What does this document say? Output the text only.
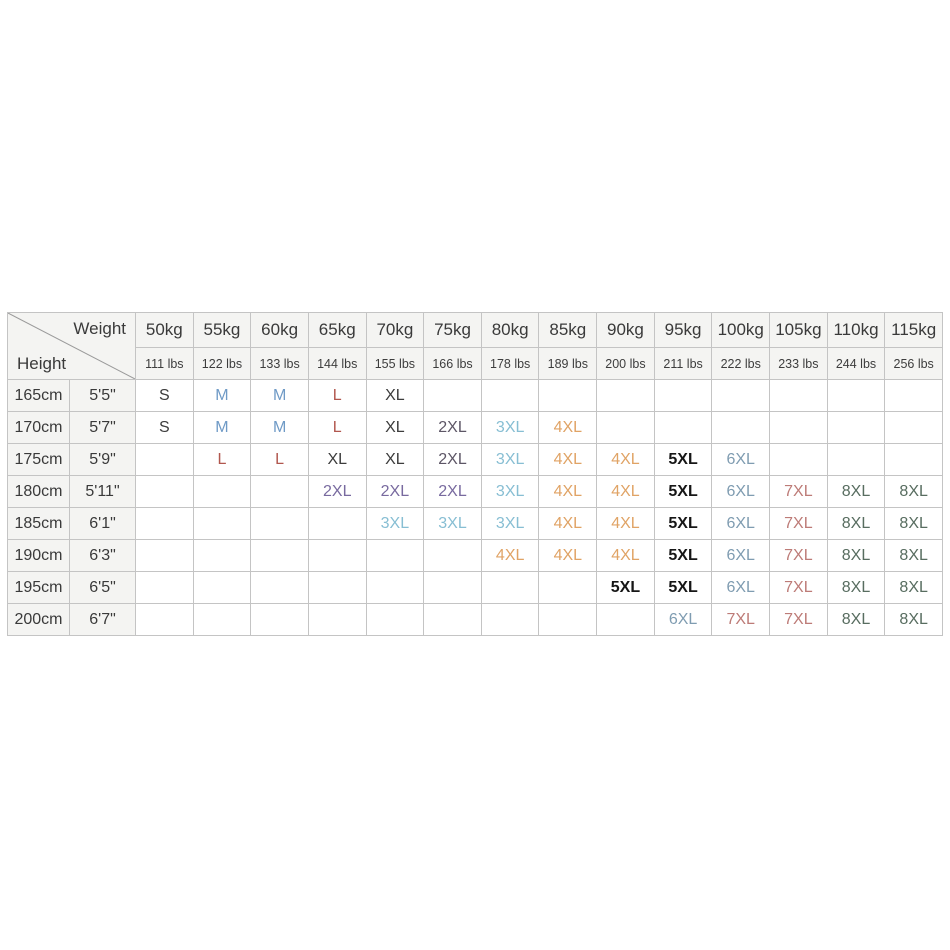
Weight
Height		50kg	55kg	60kg	65kg	70kg	75kg	80kg	85kg	90kg	95kg	100kg	105kg	110kg	115kg
		111 lbs	122 lbs	133 lbs	144 lbs	155 lbs	166 lbs	178 lbs	189 lbs	200 lbs	211 lbs	222 lbs	233 lbs	244 lbs	256 lbs
165cm	5'5"	S	M	M	L	XL									
170cm	5'7"	S	M	M	L	XL	2XL	3XL	4XL						
175cm	5'9"		L	L	XL	XL	2XL	3XL	4XL	4XL	5XL	6XL			
180cm	5'11"				2XL	2XL	2XL	3XL	4XL	4XL	5XL	6XL	7XL	8XL	8XL
185cm	6'1"					3XL	3XL	3XL	4XL	4XL	5XL	6XL	7XL	8XL	8XL
190cm	6'3"							4XL	4XL	4XL	5XL	6XL	7XL	8XL	8XL
195cm	6'5"									5XL	5XL	6XL	7XL	8XL	8XL
200cm	6'7"										6XL	7XL	7XL	8XL	8XL
